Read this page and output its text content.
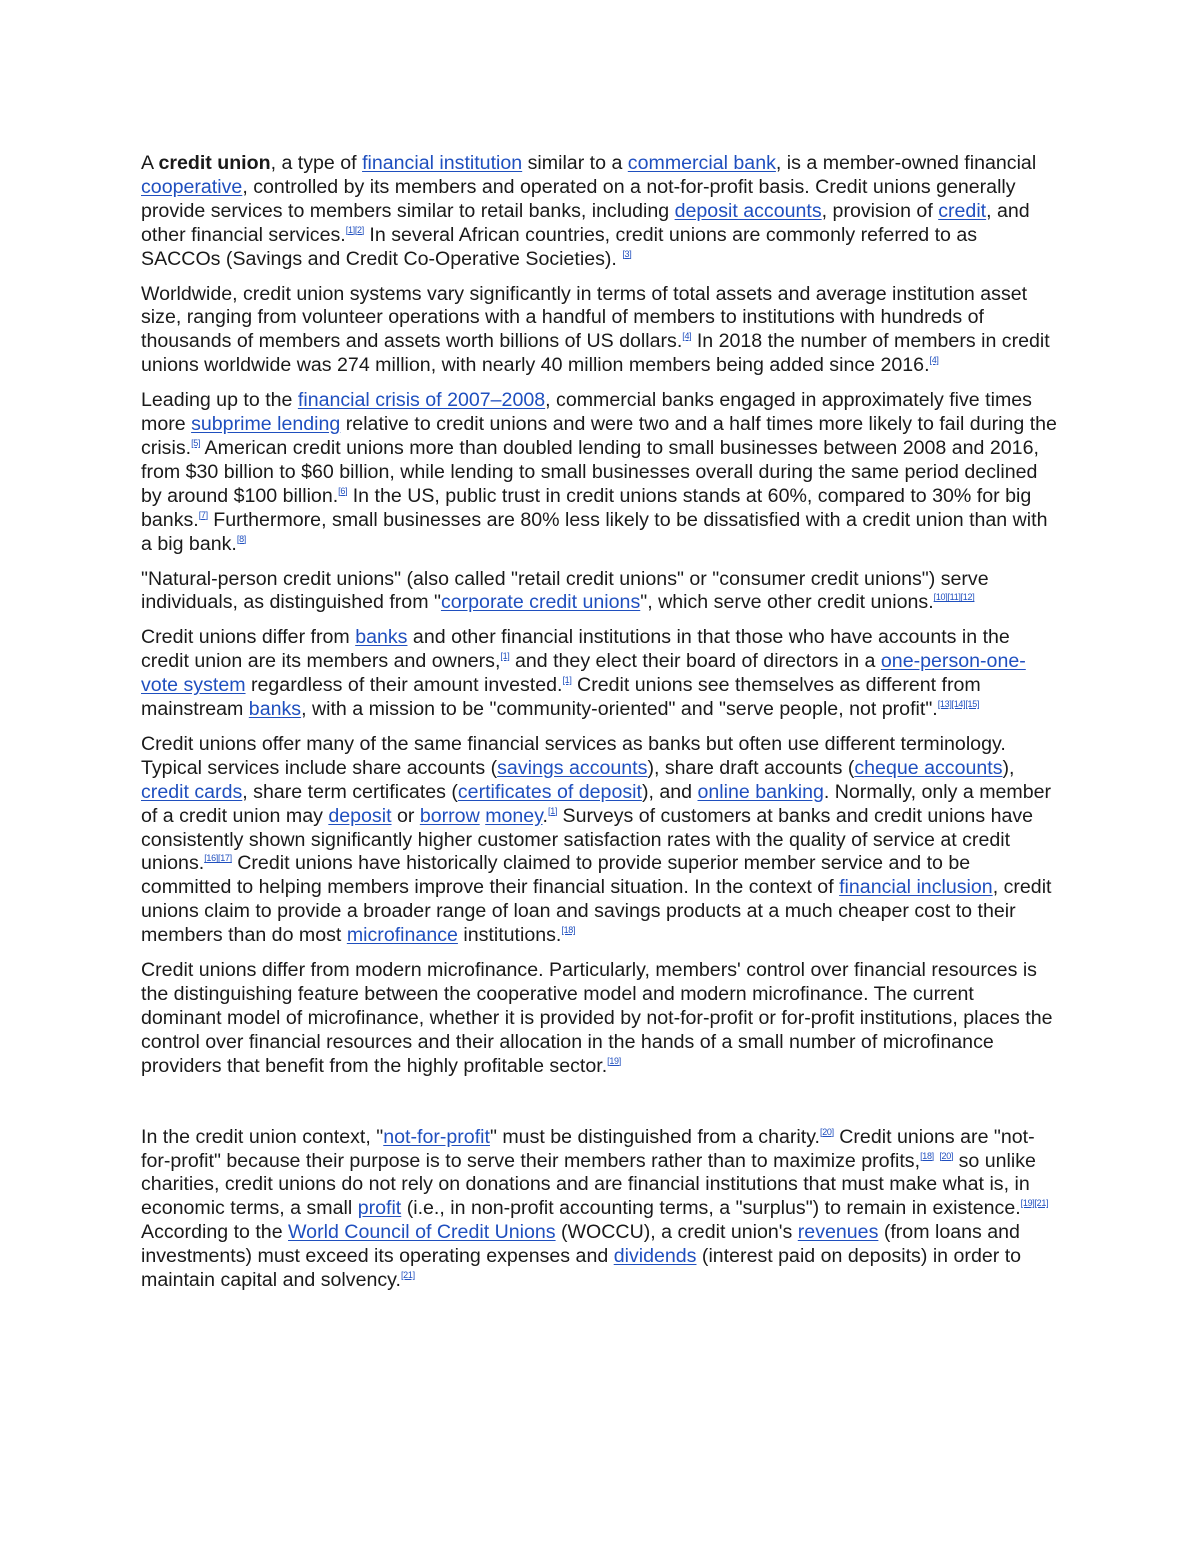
A credit union, a type of financial institution similar to a commercial bank, is a member-owned financial cooperative, controlled by its members and operated on a not-for-profit basis. Credit unions generally provide services to members similar to retail banks, including deposit accounts, provision of credit, and other financial services.[1][2] In several African countries, credit unions are commonly referred to as SACCOs (Savings and Credit Co-Operative Societies). [3]

Worldwide, credit union systems vary significantly in terms of total assets and average institution asset size, ranging from volunteer operations with a handful of members to institutions with hundreds of thousands of members and assets worth billions of US dollars.[4] In 2018 the number of members in credit unions worldwide was 274 million, with nearly 40 million members being added since 2016.[4]

Leading up to the financial crisis of 2007–2008, commercial banks engaged in approximately five times more subprime lending relative to credit unions and were two and a half times more likely to fail during the crisis.[5] American credit unions more than doubled lending to small businesses between 2008 and 2016, from $30 billion to $60 billion, while lending to small businesses overall during the same period declined by around $100 billion.[6] In the US, public trust in credit unions stands at 60%, compared to 30% for big banks.[7] Furthermore, small businesses are 80% less likely to be dissatisfied with a credit union than with a big bank.[8]

"Natural-person credit unions" (also called "retail credit unions" or "consumer credit unions") serve individuals, as distinguished from "corporate credit unions", which serve other credit unions.[10][11][12]

Credit unions differ from banks and other financial institutions in that those who have accounts in the credit union are its members and owners,[1] and they elect their board of directors in a one-person-one-vote system regardless of their amount invested.[1] Credit unions see themselves as different from mainstream banks, with a mission to be "community-oriented" and "serve people, not profit".[13][14][15]

Credit unions offer many of the same financial services as banks but often use different terminology. Typical services include share accounts (savings accounts), share draft accounts (cheque accounts), credit cards, share term certificates (certificates of deposit), and online banking. Normally, only a member of a credit union may deposit or borrow money.[1] Surveys of customers at banks and credit unions have consistently shown significantly higher customer satisfaction rates with the quality of service at credit unions.[16][17] Credit unions have historically claimed to provide superior member service and to be committed to helping members improve their financial situation. In the context of financial inclusion, credit unions claim to provide a broader range of loan and savings products at a much cheaper cost to their members than do most microfinance institutions.[18]

Credit unions differ from modern microfinance. Particularly, members' control over financial resources is the distinguishing feature between the cooperative model and modern microfinance. The current dominant model of microfinance, whether it is provided by not-for-profit or for-profit institutions, places the control over financial resources and their allocation in the hands of a small number of microfinance providers that benefit from the highly profitable sector.[19]

In the credit union context, "not-for-profit" must be distinguished from a charity.[20] Credit unions are "not-for-profit" because their purpose is to serve their members rather than to maximize profits,[18] [20] so unlike charities, credit unions do not rely on donations and are financial institutions that must make what is, in economic terms, a small profit (i.e., in non-profit accounting terms, a "surplus") to remain in existence.[19][21] According to the World Council of Credit Unions (WOCCU), a credit union's revenues (from loans and investments) must exceed its operating expenses and dividends (interest paid on deposits) in order to maintain capital and solvency.[21]
